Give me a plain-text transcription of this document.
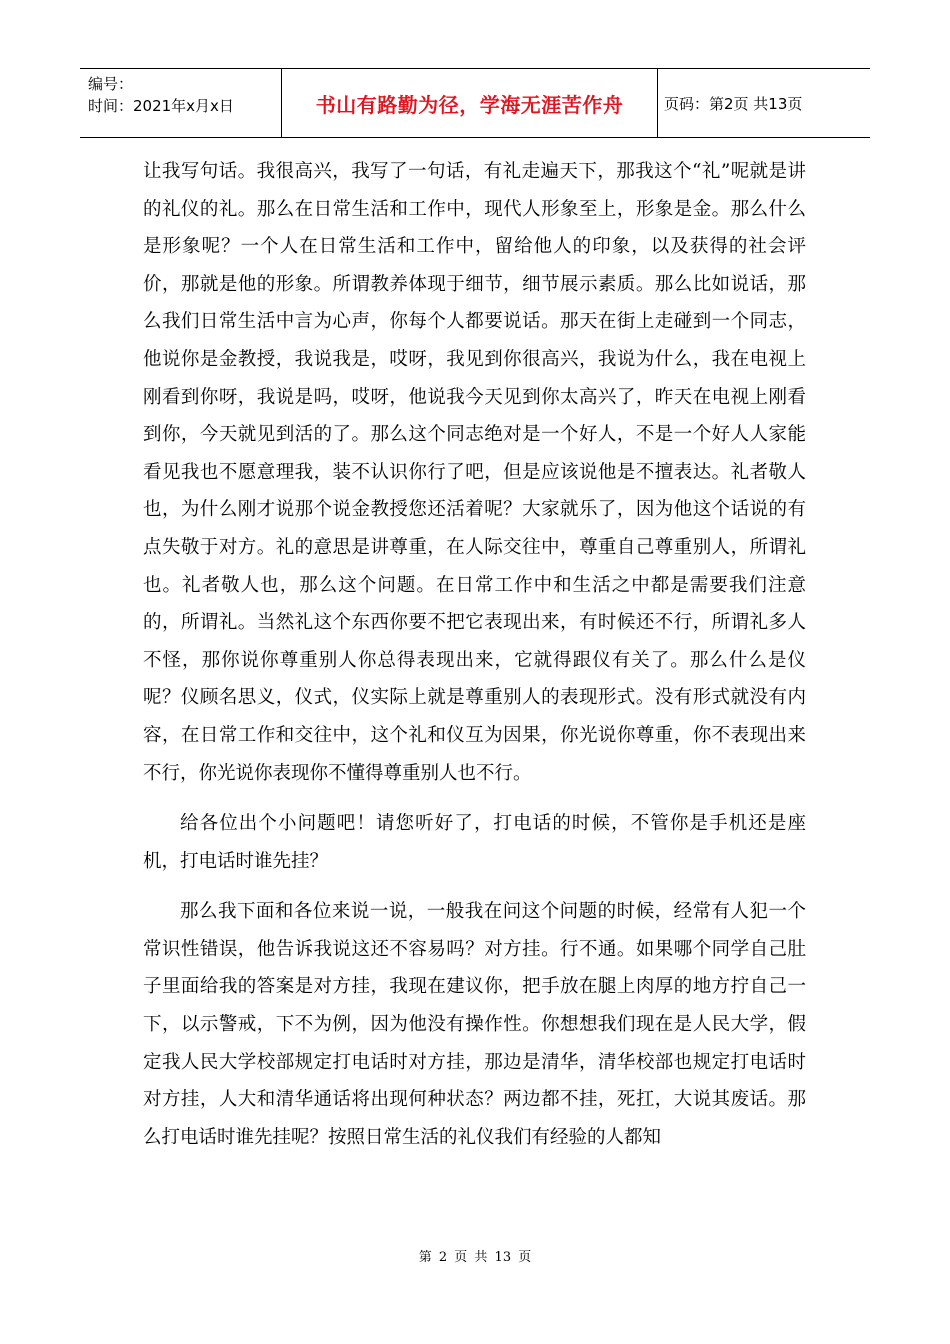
编号：
时间：2021年x月x日	书山有路勤为径，学海无涯苦作舟	页码：第2页 共13页

让我写句话。我很高兴，我写了一句话，有礼走遍天下，那我这个“礼”呢就是讲的礼仪的礼。那么在日常生活和工作中，现代人形象至上，形象是金。那么什么是形象呢？一个人在日常生活和工作中，留给他人的印象，以及获得的社会评价，那就是他的形象。所谓教养体现于细节，细节展示素质。那么比如说话，那么我们日常生活中言为心声，你每个人都要说话。那天在街上走碰到一个同志，他说你是金教授，我说我是，哎呀，我见到你很高兴，我说为什么，我在电视上刚看到你呀，我说是吗，哎呀，他说我今天见到你太高兴了，昨天在电视上刚看到你，今天就见到活的了。那么这个同志绝对是一个好人，不是一个好人人家能看见我也不愿意理我，装不认识你行了吧，但是应该说他是不擅表达。礼者敬人也，为什么刚才说那个说金教授您还活着呢？大家就乐了，因为他这个话说的有点失敬于对方。礼的意思是讲尊重，在人际交往中，尊重自己尊重别人，所谓礼也。礼者敬人也，那么这个问题。在日常工作中和生活之中都是需要我们注意的，所谓礼。当然礼这个东西你要不把它表现出来，有时候还不行，所谓礼多人不怪，那你说你尊重别人你总得表现出来，它就得跟仪有关了。那么什么是仪呢？仪顾名思义，仪式，仪实际上就是尊重别人的表现形式。没有形式就没有内容，在日常工作和交往中，这个礼和仪互为因果，你光说你尊重，你不表现出来不行，你光说你表现你不懂得尊重别人也不行。

给各位出个小问题吧！请您听好了，打电话的时候，不管你是手机还是座机，打电话时谁先挂？

那么我下面和各位来说一说，一般我在问这个问题的时候，经常有人犯一个常识性错误，他告诉我说这还不容易吗？对方挂。行不通。如果哪个同学自己肚子里面给我的答案是对方挂，我现在建议你，把手放在腿上肉厚的地方拧自己一下，以示警戒，下不为例，因为他没有操作性。你想想我们现在是人民大学，假定我人民大学校部规定打电话时对方挂，那边是清华，清华校部也规定打电话时对方挂，人大和清华通话将出现何种状态？两边都不挂，死扛，大说其废话。那么打电话时谁先挂呢？按照日常生活的礼仪我们有经验的人都知

第 2 页 共 13 页
